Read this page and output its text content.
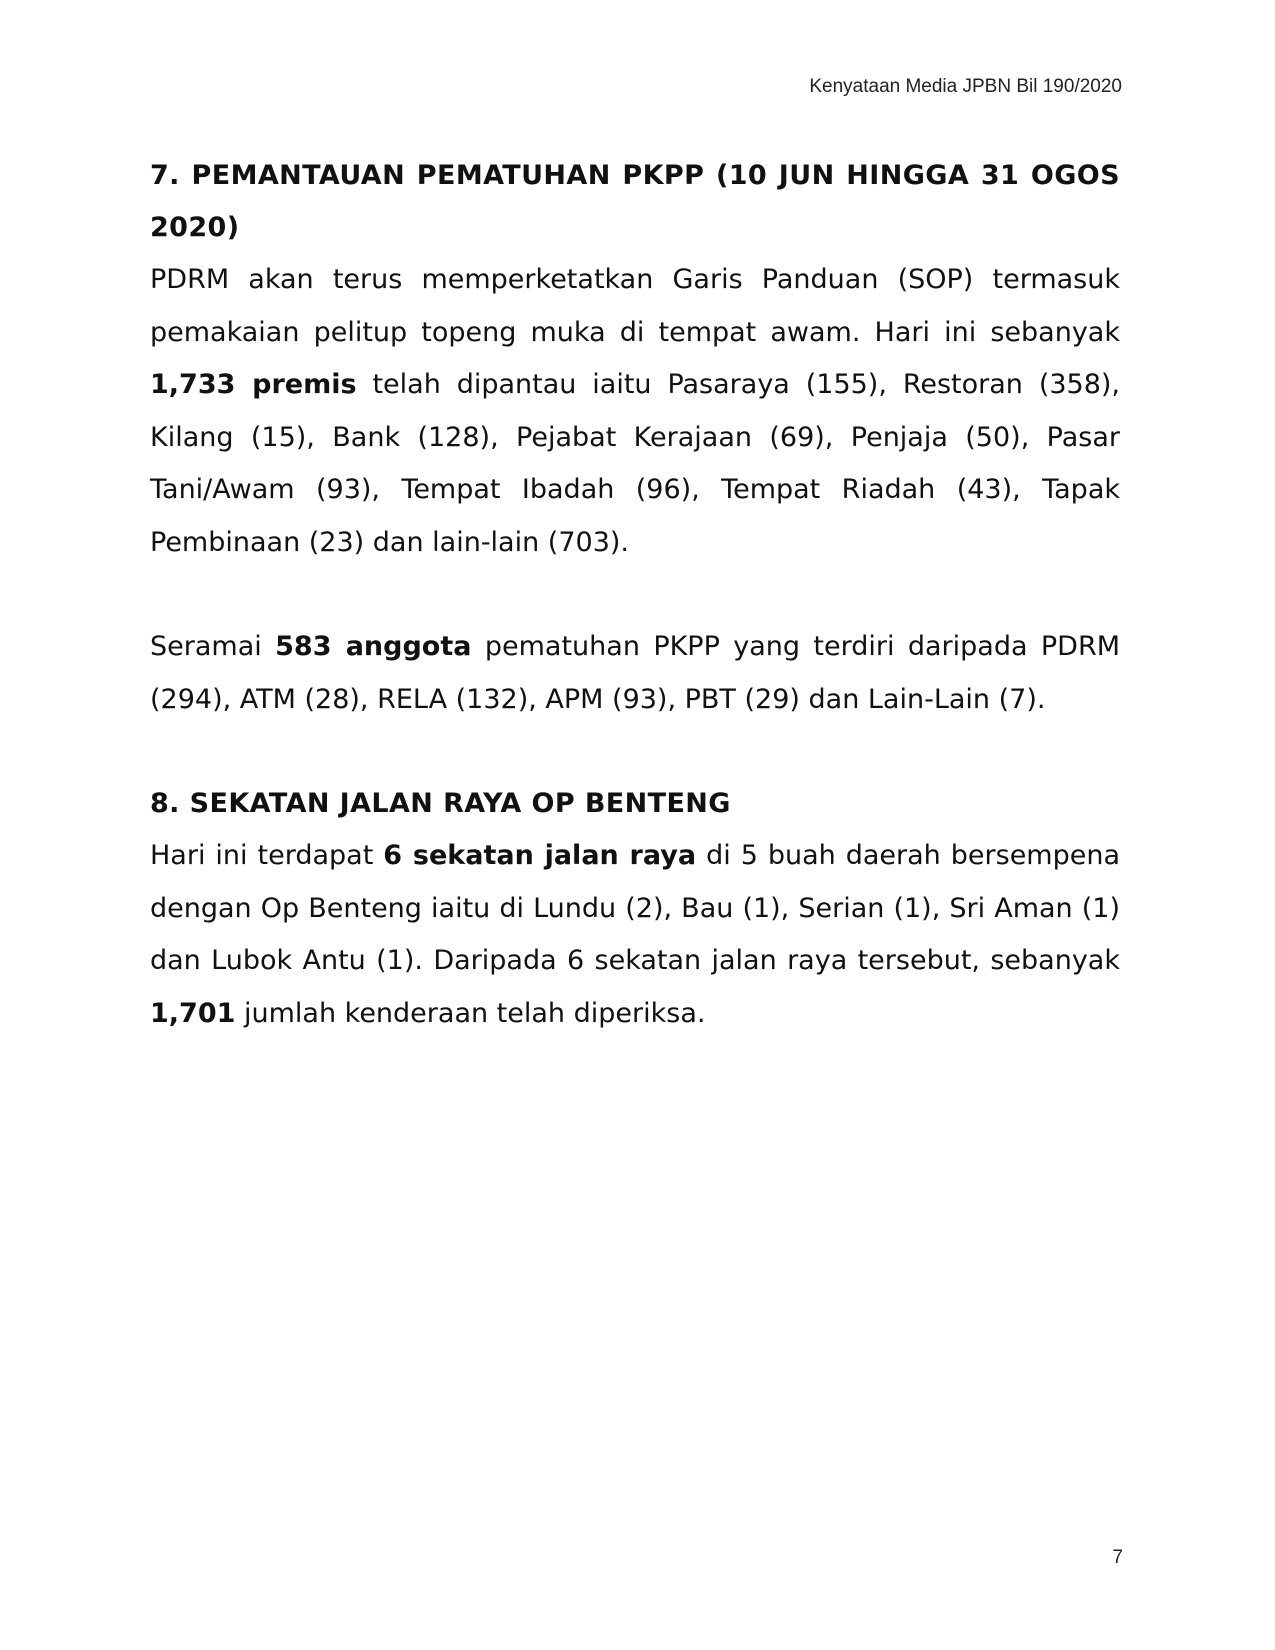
Kenyataan Media JPBN Bil 190/2020
7. PEMANTAUAN PEMATUHAN PKPP (10 JUN HINGGA 31 OGOS 2020)

PDRM akan terus memperketatkan Garis Panduan (SOP) termasuk pemakaian pelitup topeng muka di tempat awam. Hari ini sebanyak 1,733 premis telah dipantau iaitu Pasaraya (155), Restoran (358), Kilang (15), Bank (128), Pejabat Kerajaan (69), Penjaja (50), Pasar Tani/Awam (93), Tempat Ibadah (96), Tempat Riadah (43), Tapak Pembinaan (23) dan lain-lain (703).

Seramai 583 anggota pematuhan PKPP yang terdiri daripada PDRM (294), ATM (28), RELA (132), APM (93), PBT (29) dan Lain-Lain (7).

8. SEKATAN JALAN RAYA OP BENTENG

Hari ini terdapat 6 sekatan jalan raya di 5 buah daerah bersempena dengan Op Benteng iaitu di Lundu (2), Bau (1), Serian (1), Sri Aman (1) dan Lubok Antu (1). Daripada 6 sekatan jalan raya tersebut, sebanyak 1,701 jumlah kenderaan telah diperiksa.

7
